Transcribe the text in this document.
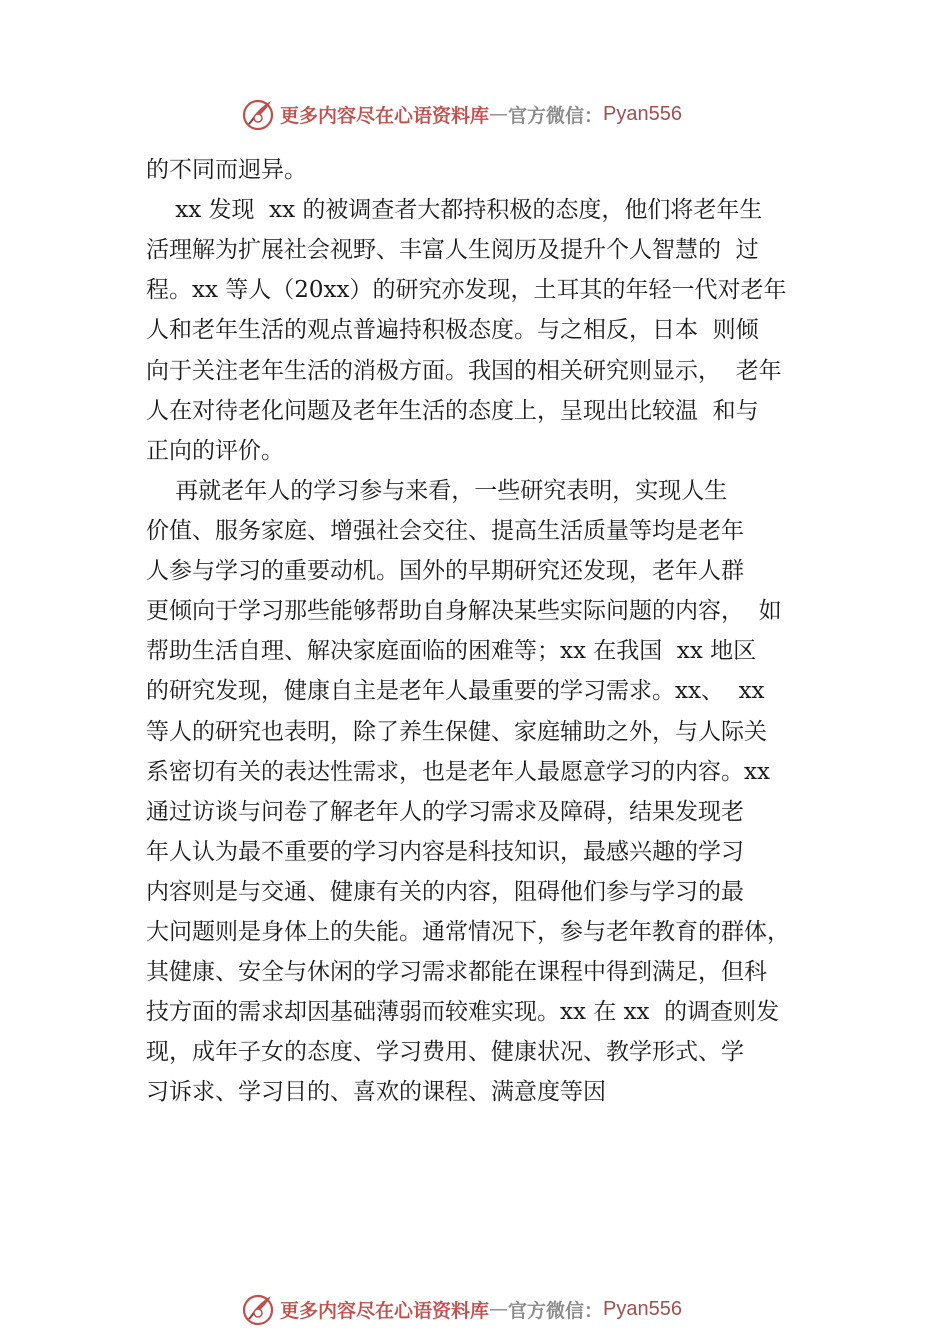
更多内容尽在心语资料库 — 官方微信： Pyan556
的不同而迥异。
xx 发现  xx 的被调查者大都持积极的态度，他们将老年生
活理解为扩展社会视野、丰富人生阅历及提升个人智慧的  过
程。xx 等人（20xx）的研究亦发现，土耳其的年轻一代对老年
人和老年生活的观点普遍持积极态度。与之相反，日本  则倾
向于关注老年生活的消极方面。我国的相关研究则显示，  老年
人在对待老化问题及老年生活的态度上，呈现出比较温  和与
正向的评价。
再就老年人的学习参与来看，一些研究表明，实现人生
价值、服务家庭、增强社会交往、提高生活质量等均是老年
人参与学习的重要动机。国外的早期研究还发现，老年人群
更倾向于学习那些能够帮助自身解决某些实际问题的内容，  如
帮助生活自理、解决家庭面临的困难等；xx 在我国  xx 地区
的研究发现，健康自主是老年人最重要的学习需求。xx、  xx
等人的研究也表明，除了养生保健、家庭辅助之外，与人际关
系密切有关的表达性需求，也是老年人最愿意学习的内容。xx
通过访谈与问卷了解老年人的学习需求及障碍，结果发现老
年人认为最不重要的学习内容是科技知识，最感兴趣的学习
内容则是与交通、健康有关的内容，阻碍他们参与学习的最
大问题则是身体上的失能。通常情况下，参与老年教育的群体，
其健康、安全与休闲的学习需求都能在课程中得到满足，但科
技方面的需求却因基础薄弱而较难实现。xx 在 xx  的调查则发
现，成年子女的态度、学习费用、健康状况、教学形式、学
习诉求、学习目的、喜欢的课程、满意度等因
更多内容尽在心语资料库 — 官方微信： Pyan556
